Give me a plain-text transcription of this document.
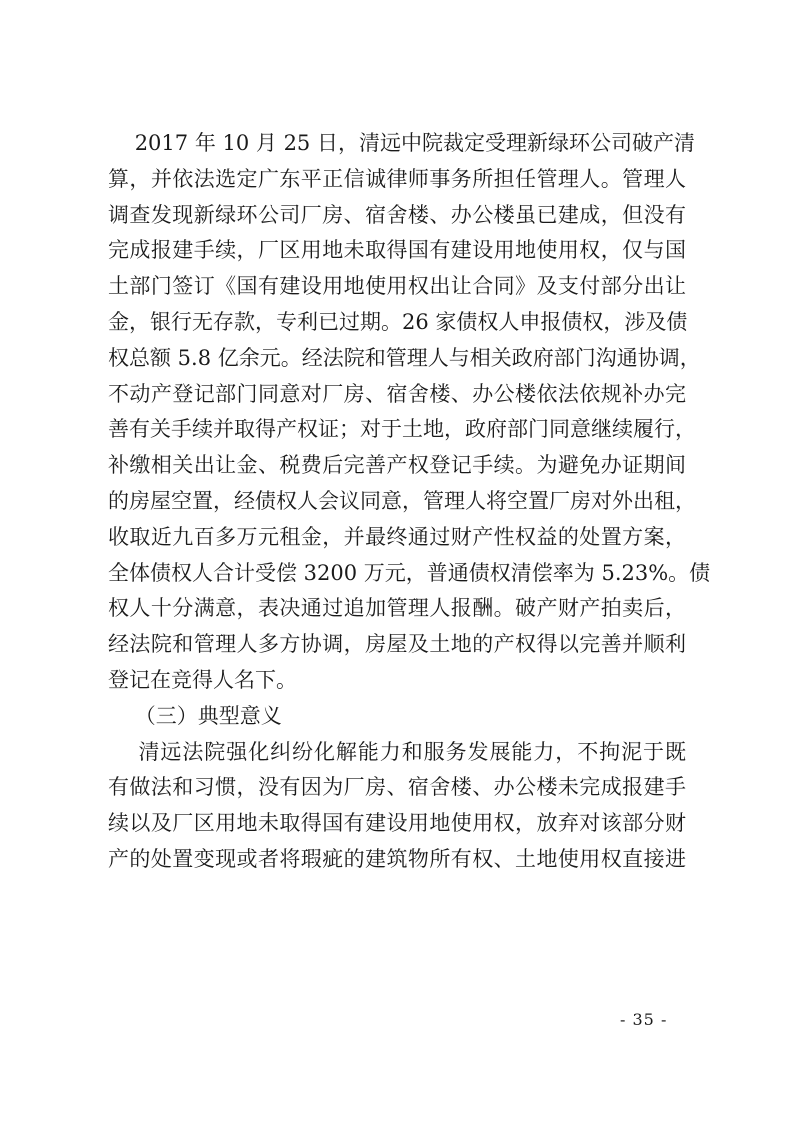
2017 年 10 月 25 日，清远中院裁定受理新绿环公司破产清
算，并依法选定广东平正信诚律师事务所担任管理人。管理人
调查发现新绿环公司厂房、宿舍楼、办公楼虽已建成，但没有
完成报建手续，厂区用地未取得国有建设用地使用权，仅与国
土部门签订《国有建设用地使用权出让合同》及支付部分出让
金，银行无存款，专利已过期。26 家债权人申报债权，涉及债
权总额 5.8 亿余元。经法院和管理人与相关政府部门沟通协调，
不动产登记部门同意对厂房、宿舍楼、办公楼依法依规补办完
善有关手续并取得产权证；对于土地，政府部门同意继续履行，
补缴相关出让金、税费后完善产权登记手续。为避免办证期间
的房屋空置，经债权人会议同意，管理人将空置厂房对外出租，
收取近九百多万元租金，并最终通过财产性权益的处置方案，
全体债权人合计受偿 3200 万元，普通债权清偿率为 5.23%。债
权人十分满意，表决通过追加管理人报酬。破产财产拍卖后，
经法院和管理人多方协调，房屋及土地的产权得以完善并顺利
登记在竞得人名下。
（三）典型意义
清远法院强化纠纷化解能力和服务发展能力，不拘泥于既
有做法和习惯，没有因为厂房、宿舍楼、办公楼未完成报建手
续以及厂区用地未取得国有建设用地使用权，放弃对该部分财
产的处置变现或者将瑕疵的建筑物所有权、土地使用权直接进
- 35 -
